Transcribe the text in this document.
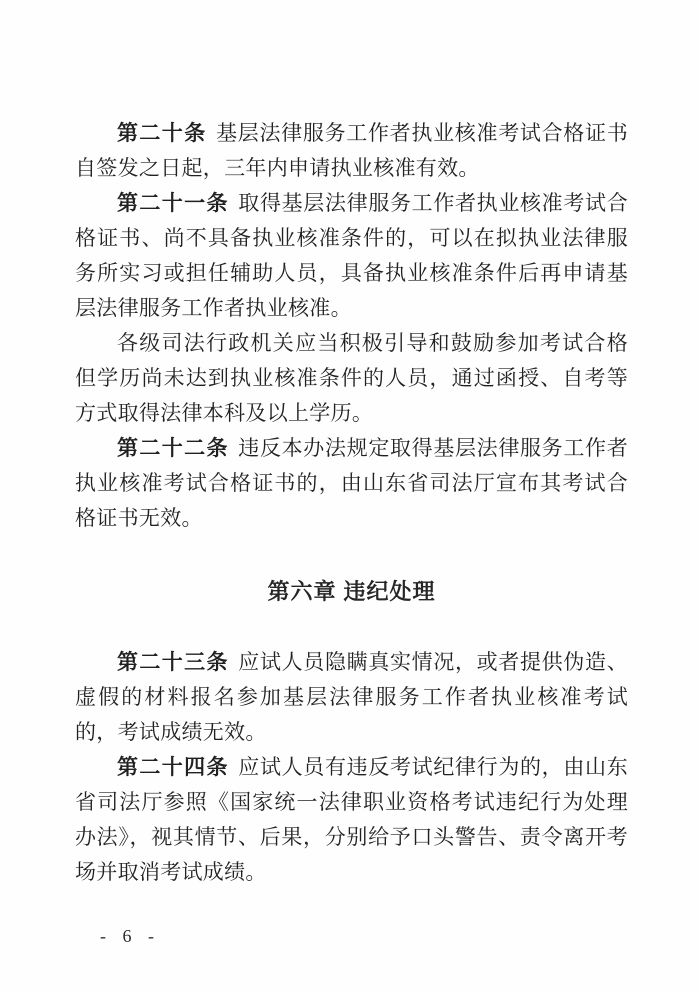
第二十条 基层法律服务工作者执业核准考试合格证书自签发之日起，三年内申请执业核准有效。

第二十一条 取得基层法律服务工作者执业核准考试合格证书、尚不具备执业核准条件的，可以在拟执业法律服务所实习或担任辅助人员，具备执业核准条件后再申请基层法律服务工作者执业核准。

各级司法行政机关应当积极引导和鼓励参加考试合格但学历尚未达到执业核准条件的人员，通过函授、自考等方式取得法律本科及以上学历。

第二十二条 违反本办法规定取得基层法律服务工作者执业核准考试合格证书的，由山东省司法厅宣布其考试合格证书无效。

第六章 违纪处理

第二十三条 应试人员隐瞒真实情况，或者提供伪造、虚假的材料报名参加基层法律服务工作者执业核准考试的，考试成绩无效。

第二十四条 应试人员有违反考试纪律行为的，由山东省司法厅参照《国家统一法律职业资格考试违纪行为处理办法》，视其情节、后果，分别给予口头警告、责令离开考场并取消考试成绩。

- 6 -
